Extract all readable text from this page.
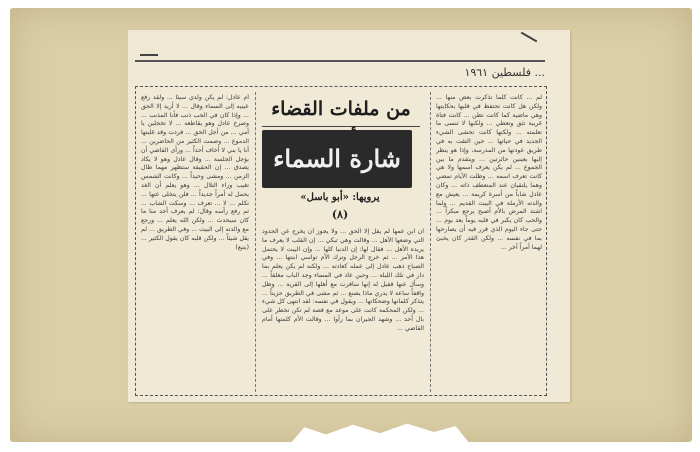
... فلسطين ١٩٦١
من ملفات القضاء
شارة السماء
يرويها: «أبو باسل»
(٨)
لم ... كانت كلما تذكرت بعض منها ... ولكن هل كانت تحتفظ في قلبها بحكايتها وهي ماضية كما كانت تظن ... كانت فتاة غريبة تثق وتعطي ... ولكنها لا تنسى ما تعلمته ... ولكنها كانت تخشى الشيء الجديد في حياتها ... حين التقت به في طريق عودتها من المدرسة، وإذا هو ينظر إليها بعينين حائرتين ... ويتقدم ما بين الجموع ... لم يكن يعرف اسمها ولا هي كانت تعرف اسمه ... وظلت الأيام تمضي وهما يلتقيان عند المنعطف ذاته ... وكان عادل شاباً من أسرة كريمة ... يعيش مع والدته الأرملة في البيت القديم ... ولما اشتد المرض بالأم أصبح يرجع مبكراً ... والحب كان يكبر في قلبه يوماً بعد يوم ... حتى جاء اليوم الذي قرر فيه أن يصارحها بما في نفسه ... ولكن القدر كان يخبئ لهما أمراً آخر ...
أن ابن عمها لم يقل إلا الحق ... ولا يجوز أن يخرج عن الحدود التي وضعها الأهل ... وقالت وهي تبكي ... إن القلب لا يعرف ما يريده الأهل ... فقال لها: إن الدنيا كلها ... وإن البيت لا يحتمل هذا الأمر ... ثم خرج الرجل وترك الأم تواسي ابنتها ... وفي الصباح ذهب عادل إلى عمله كعادته ... ولكنه لم يكن يعلم بما دار في تلك الليلة ... وحين عاد في المساء وجد الباب مغلقاً ... وسأل عنها فقيل له إنها سافرت مع أهلها إلى القرية ... وظل واقفاً ساعة لا يدري ماذا يصنع ... ثم مشى في الطريق حزيناً ... يتذكر كلماتها وضحكاتها ... ويقول في نفسه: لقد انتهى كل شيء ... ولكن المحكمة كانت على موعد مع قصة لم تكن تخطر على بال أحد ... وشهد الجيران بما رأوا ... وقالت الأم كلمتها أمام القاضي ...
أم عادل: لم يكن ولدي سيئاً ... ولقد رفع عينيه إلى السماء وقال ... لا أريد إلا الحق ... وإذا كان في الحب ذنب فأنا المذنب ... وصرخ عادل وهو يقاطعه ... لا تخجلين يا أمي ... من أجل الحق ... فردت وقد غلبتها الدموع ... وصمت الكثير من الحاضرين ... أنا يا بني لا أخاف أحداً ... ورأى القاضي أن يؤجل الجلسة ... وقال عادل وهو لا يكاد يصدق ... إن الحقيقة ستظهر مهما طال الزمن ... ومشى وحيداً ... وكانت الشمس تغيب وراء التلال ... وهو يعلم أن الغد يحمل له أمراً جديداً ... فلن يتخلى عنها ... تكلم ... لا ... تعرف ... وسكت الشاب ... ثم رفع رأسه وقال: لم يعرف أحد منا ما كان سيحدث ... ولكن الله يعلم ... ورجع مع والدته إلى البيت ... وفي الطريق ... لم يقل شيئاً ... ولكن قلبه كان يقول الكثير ... (يتبع)
